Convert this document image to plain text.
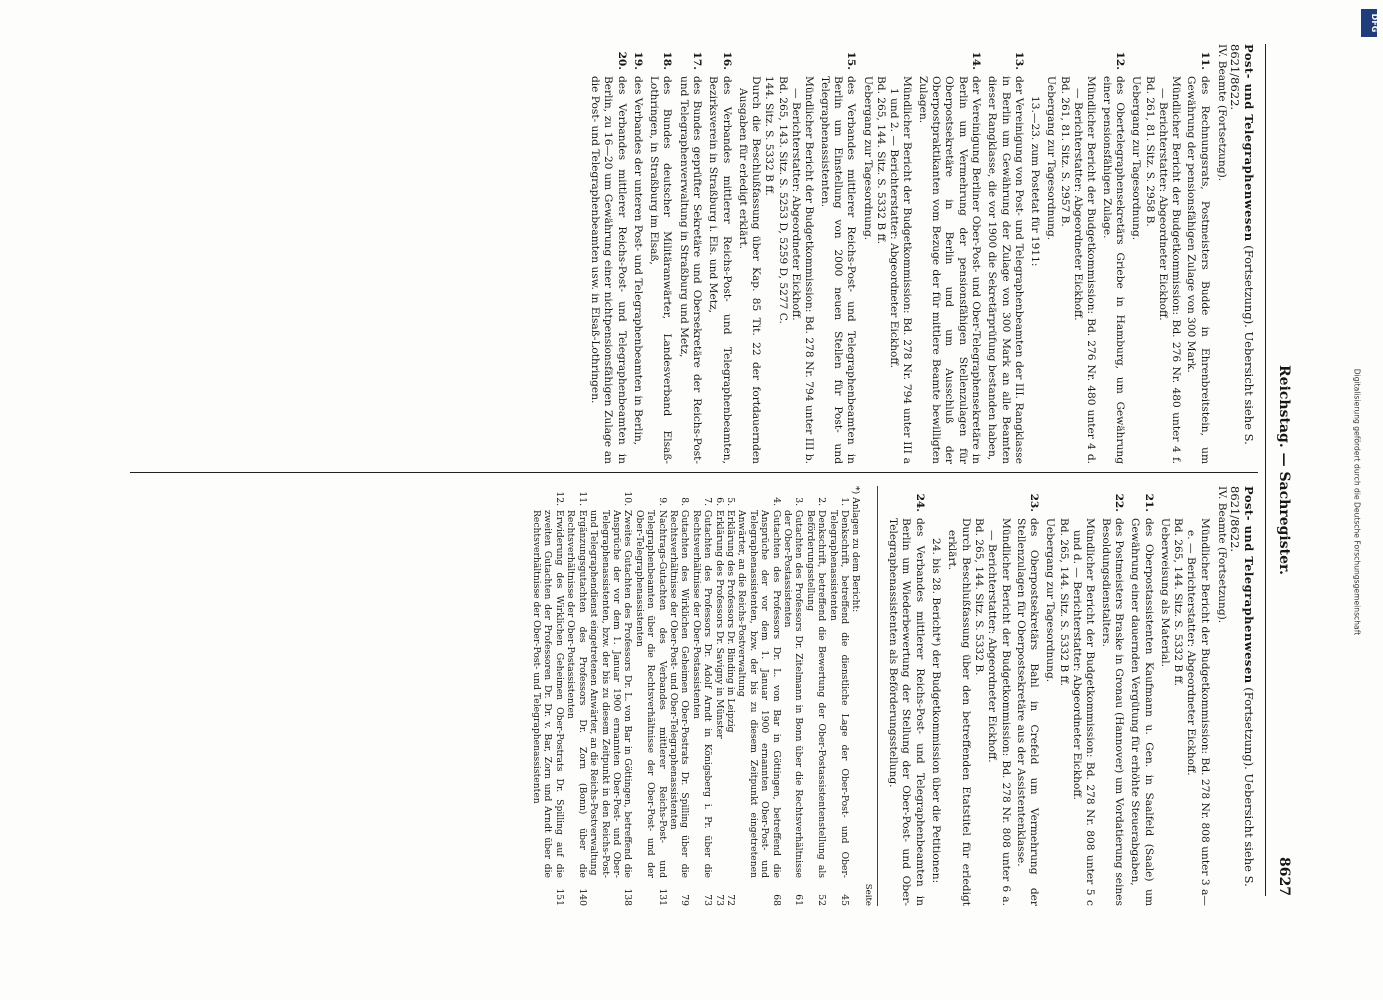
Reichstag. — Sachregister.
8627
Post- und Telegraphenwesen (Fortsetzung). Uebersicht siehe S. 8621/8622.
IV. Beamte (Fortsetzung).
11.
des Rechnungsrats, Postmeisters Budde in Ehrenbreitstein, um Gewährung der pensionsfähigen Zulage von 300 Mark.
Mündlicher Bericht der Budgetkommission: Bd. 276 Nr. 480 unter 4 f. — Berichterstatter: Abgeordneter Eickhoff.
Bd. 261, 81. Sitz. S. 2958 B.
Uebergang zur Tagesordnung.
12.
des Obertelegraphensekretärs Griebe in Hamburg, um Gewährung einer pensionsfähigen Zulage.
Mündlicher Bericht der Budgetkommission: Bd. 276 Nr. 480 unter 4 d. — Berichterstatter: Abgeordneter Eickhoff.
Bd. 261, 81. Sitz. S. 2957 B.
Uebergang zur Tagesordnung.
13.—23. zum Postetat für 1911:
13.
der Vereinigung von Post- und Telegraphenbeamten der III. Rangklasse in Berlin um Gewährung der Zulage von 300 Mark an alle Beamten dieser Rangklasse, die vor 1900 die Sekretärprüfung bestanden haben,
14.
der Vereinigung Berliner Ober-Post- und Ober-Telegraphensekretäre in Berlin um Vermehrung der pensionsfähigen Stellenzulagen für Oberpostsekretäre in Berlin und um Ausschluß der Oberpostpraktikanten vom Bezuge der für mittlere Beamte bewilligten Zulagen.
Mündlicher Bericht der Budgetkommission: Bd. 278 Nr. 794 unter III a 1 und 2. — Berichterstatter: Abgeordneter Eickhoff.
Bd. 265, 144. Sitz. S. 5332 B ff.
Uebergang zur Tagesordnung.
15.
des Verbandes mittlerer Reichs-Post- und Telegraphenbeamten in Berlin um Einstellung von 2000 neuen Stellen für Post- und Telegraphenassistenten.
Mündlicher Bericht der Budgetkommission: Bd. 278 Nr. 794 unter III b. — Berichterstatter: Abgeordneter Eickhoff.
Bd. 265, 143. Sitz. S. 5253 D, 5259 D, 5277 C.
144. Sitz. S. 5332 B ff.
Durch die Beschlußfassung über Kap. 85 Tit. 22 der fortdauernden Ausgaben für erledigt erklärt.
16.
des Verbandes mittlerer Reichs-Post- und Telegraphenbeamten, Bezirksverein in Straßburg i. Els. und Metz,
17.
des Bundes geprüfter Sekretäre und Obersekretäre der Reichs-Post- und Telegraphenverwaltung in Straßburg und Metz,
18.
des Bundes deutscher Militäranwärter, Landesverband Elsaß-Lothringen, in Straßburg im Elsaß,
19.
des Verbandes der unteren Post- und Telegraphenbeamten in Berlin,
20.
des Verbandes mittlerer Reichs-Post- und Telegraphenbeamten in Berlin, zu 16—20 um Gewährung einer nichtpensionsfähigen Zulage an die Post- und Telegraphenbeamten usw. in Elsaß-Lothringen.
Post- und Telegraphenwesen (Fortsetzung). Uebersicht siehe S. 8621/8622.
IV. Beamte (Fortsetzung).
Mündlicher Bericht der Budgetkommission: Bd. 278 Nr. 808 unter 3 a—e. — Berichterstatter: Abgeordneter Eickhoff.
Bd. 265, 144. Sitz. S. 5332 B ff.
Ueberweisung als Material.
21.
des Oberpostassistenten Kaufmann u. Gen. in Saalfeld (Saale) um Gewährung einer dauernden Vergütung für erhöhte Steuerabgaben,
22.
des Postmeisters Braske in Gronau (Hannover) um Vordatierung seines Besoldungsdienstalters.
Mündlicher Bericht der Budgetkommission: Bd. 278 Nr. 808 unter 5 c und d. — Berichterstatter: Abgeordneter Eickhoff.
Bd. 265, 144. Sitz. S. 5332 B ff.
Uebergang zur Tagesordnung.
23.
des Oberpostsekretärs Bahl in Crefeld um Vermehrung der Stellenzulagen für Oberpostsekretäre aus der Assistentenklasse.
Mündlicher Bericht der Budgetkommission: Bd. 278 Nr. 808 unter 6 a. — Berichterstatter: Abgeordneter Eickhoff.
Bd. 265, 144. Sitz. S. 5332 B.
Durch Beschlußfassung über den betreffenden Etatstitel für erledigt erklärt.
24. bis 28. Bericht*) der Budgetkommission über die Petitionen:
24.
des Verbandes mittlerer Reichs-Post- und Telegraphenbeamten in Berlin um Wiederbewertung der Stellung der Ober-Post- und Ober-Telegraphenassistenten als Beförderungsstellung.
Seite
*) Anlagen zu dem Bericht:
1.
Denkschrift, betreffend die dienstliche Lage der Ober-Post- und Ober-Telegraphenassistenten
45
2.
Denkschrift, betreffend die Bewertung der Ober-Postassistentenstellung als Beförderungsstellung
52
3.
Gutachten des Professors Dr. Zitelmann in Bonn über die Rechtsverhältnisse der Ober-Postassistenten
61
4.
Gutachten des Professors Dr. L. von Bar in Göttingen, betreffend die Ansprüche der vor dem 1. Januar 1900 ernannten Ober-Post- und Telegraphenassistenten, bzw. der bis zu diesem Zeitpunkt eingetretenen Anwärter, an die Reichs-Postverwaltung
68
5.
Erklärung des Professors Dr. Binding in Leipzig
72
6.
Erklärung des Professors Dr. Savigny in Münster
73
7.
Gutachten des Professors Dr. Adolf Arndt in Königsberg i. Pr. über die Rechtsverhältnisse der Ober-Postassistenten
73
8.
Gutachten des Wirklichen Geheimen Ober-Postrats Dr. Spilling über die Rechtsverhältnisse der Ober-Post- und Ober-Telegraphenassistenten
79
9.
Nachtrags-Gutachten des Verbandes mittlerer Reichs-Post- und Telegraphenbeamten über die Rechtsverhältnisse der Ober-Post- und der Ober-Telegraphenassistenten
131
10.
Zweites Gutachten des Professors Dr. L. von Bar in Göttingen, betreffend die Ansprüche der vor dem 1. Januar 1900 ernannten Ober-Post- und Ober-Telegraphenassistenten, bzw. der bis zu diesem Zeitpunkt in den Reichs-Post- und Telegraphendienst eingetretenen Anwärter, an die Reichs-Postverwaltung
138
11.
Ergänzungsgutachten des Professors Dr. Zorn (Bonn) über die Rechtsverhältnisse der Ober-Postassistenten
140
12.
Erwiderung des Wirklichen Geheimen Ober-Postrats Dr. Spilling auf die zweiten Gutachten der Professoren Dr. Dr. v. Bar, Zorn und Arndt über die Rechtsverhältnisse der Ober-Post- und Telegraphenassistenten
151
Digitalisierung gefördert durch die Deutsche Forschungsgemeinschaft
DFG
